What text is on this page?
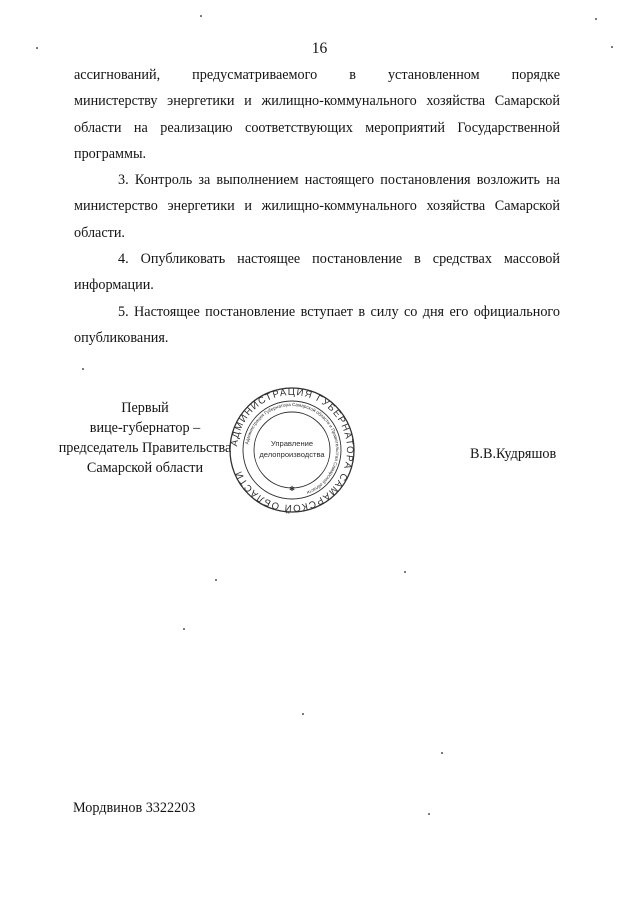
16

ассигнований, предусматриваемого в установленном порядке

министерству энергетики и жилищно-коммунального хозяйства Самарской

области на реализацию соответствующих мероприятий Государственной

программы.

3. Контроль за выполнением настоящего постановления возложить на министерство энергетики и жилищно-коммунального хозяйства Самарской области.

4. Опубликовать настоящее постановление в средствах массовой информации.

5. Настоящее постановление вступает в силу со дня его официального опубликования.

Первый
вице-губернатор –
председатель Правительства
Самарской области
АДМИНИСТРАЦИЯ ГУБЕРНАТОРА САМАРСКОЙ ОБЛАСТИ
Администрация Губернатора Самарской области и Правительства Самарской области
Управление
делопроизводства
✱
В.В.Кудряшов
Мордвинов 3322203
